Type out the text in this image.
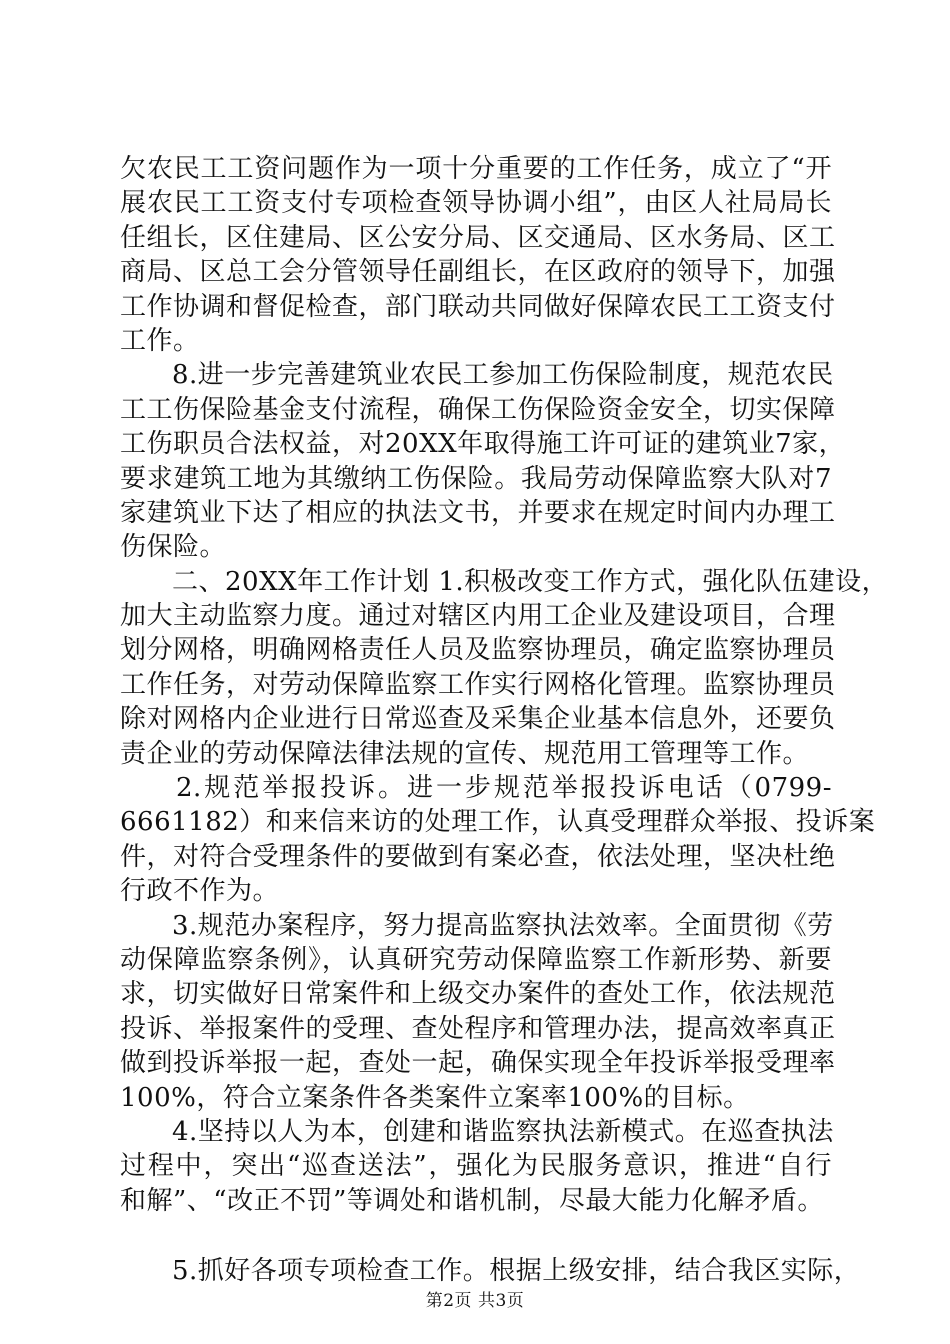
欠农民工工资问题作为一项十分重要的工作任务，成立了“开
展农民工工资支付专项检查领导协调小组”，由区人社局局长
任组长，区住建局、区公安分局、区交通局、区水务局、区工
商局、区总工会分管领导任副组长，在区政府的领导下，加强
工作协调和督促检查，部门联动共同做好保障农民工工资支付
工作。
8.进一步完善建筑业农民工参加工伤保险制度，规范农民
工工伤保险基金支付流程，确保工伤保险资金安全，切实保障
工伤职员合法权益，对20XX年取得施工许可证的建筑业7家，
要求建筑工地为其缴纳工伤保险。我局劳动保障监察大队对7
家建筑业下达了相应的执法文书，并要求在规定时间内办理工
伤保险。
二、20XX年工作计划 1.积极改变工作方式，强化队伍建设，
加大主动监察力度。通过对辖区内用工企业及建设项目，合理
划分网格，明确网格责任人员及监察协理员，确定监察协理员
工作任务，对劳动保障监察工作实行网格化管理。监察协理员
除对网格内企业进行日常巡查及采集企业基本信息外，还要负
责企业的劳动保障法律法规的宣传、规范用工管理等工作。
2.规范举报投诉。进一步规范举报投诉电话（0799-
6661182）和来信来访的处理工作，认真受理群众举报、投诉案
件，对符合受理条件的要做到有案必查，依法处理，坚决杜绝
行政不作为。
3.规范办案程序，努力提高监察执法效率。全面贯彻《劳
动保障监察条例》，认真研究劳动保障监察工作新形势、新要
求，切实做好日常案件和上级交办案件的查处工作，依法规范
投诉、举报案件的受理、查处程序和管理办法，提高效率真正
做到投诉举报一起，查处一起，确保实现全年投诉举报受理率
100%，符合立案条件各类案件立案率100%的目标。
4.坚持以人为本，创建和谐监察执法新模式。在巡查执法
过程中，突出“巡查送法”，强化为民服务意识，推进“自行
和解”、“改正不罚”等调处和谐机制，尽最大能力化解矛盾。
5.抓好各项专项检查工作。根据上级安排，结合我区实际，
第2页 共3页
